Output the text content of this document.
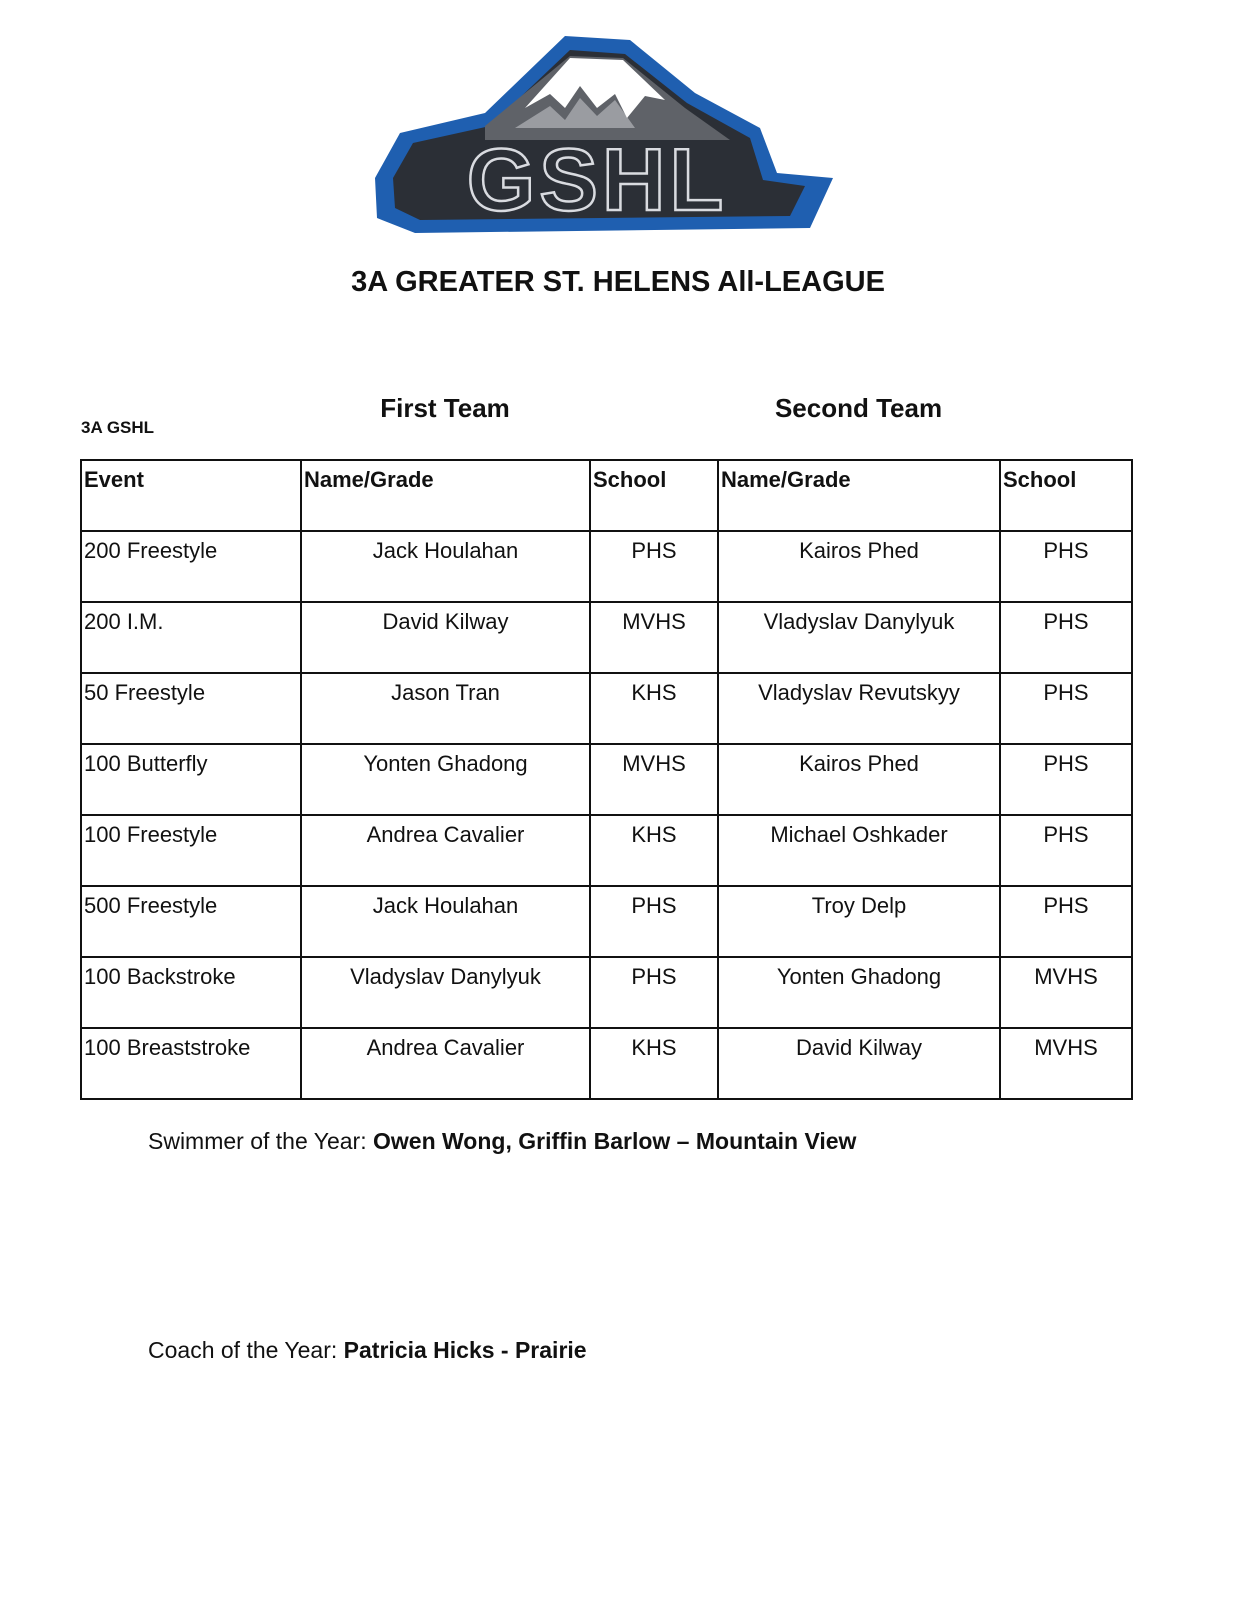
GSHL
3A GREATER ST. HELENS All-LEAGUE
3A GSHL
First Team	Second Team
Event	Name/Grade	School	Name/Grade	School
200 Freestyle	Jack Houlahan	PHS	Kairos Phed	PHS
200 I.M.	David Kilway	MVHS	Vladyslav Danylyuk	PHS
50 Freestyle	Jason Tran	KHS	Vladyslav Revutskyy	PHS
100 Butterfly	Yonten Ghadong	MVHS	Kairos Phed	PHS
100 Freestyle	Andrea Cavalier	KHS	Michael Oshkader	PHS
500 Freestyle	Jack Houlahan	PHS	Troy Delp	PHS
100 Backstroke	Vladyslav Danylyuk	PHS	Yonten Ghadong	MVHS
100 Breaststroke	Andrea Cavalier	KHS	David Kilway	MVHS
Swimmer of the Year: Owen Wong, Griffin Barlow – Mountain View
Coach of the Year: Patricia Hicks - Prairie
